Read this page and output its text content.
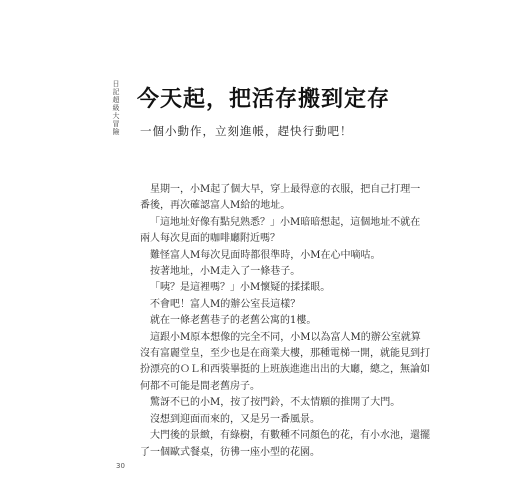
日記超級大冒險 今天起，把活存搬到定存

一個小動作，立刻進帳，趕快行動吧！

星期一，小M起了個大早，穿上最得意的衣服，把自己打理一番後，再次確認富人M給的地址。

「這地址好像有點兒熟悉？」小M暗暗想起，這個地址不就在兩人每次見面的咖啡廳附近嗎？

難怪富人M每次見面時都很準時，小M在心中嘀咕。

按著地址，小M走入了一條巷子。

「咦？是這裡嗎？」小M懷疑的揉揉眼。

不會吧！富人M的辦公室長這樣？

就在一條老舊巷子的老舊公寓的1樓。

這跟小M原本想像的完全不同，小M以為富人M的辦公室就算沒有富麗堂皇，至少也是在商業大樓，那種電梯一開，就能見到打扮漂亮的ＯＬ和西裝畢挺的上班族進進出出的大廳，總之，無論如何都不可能是間老舊房子。

驚訝不已的小M，按了按門鈴，不太情願的推開了大門。

沒想到迎面而來的，又是另一番風景。

大門後的景緻，有綠樹，有數種不同顏色的花，有小水池，還擺了一個歐式餐桌，彷彿一座小型的花園。

30
